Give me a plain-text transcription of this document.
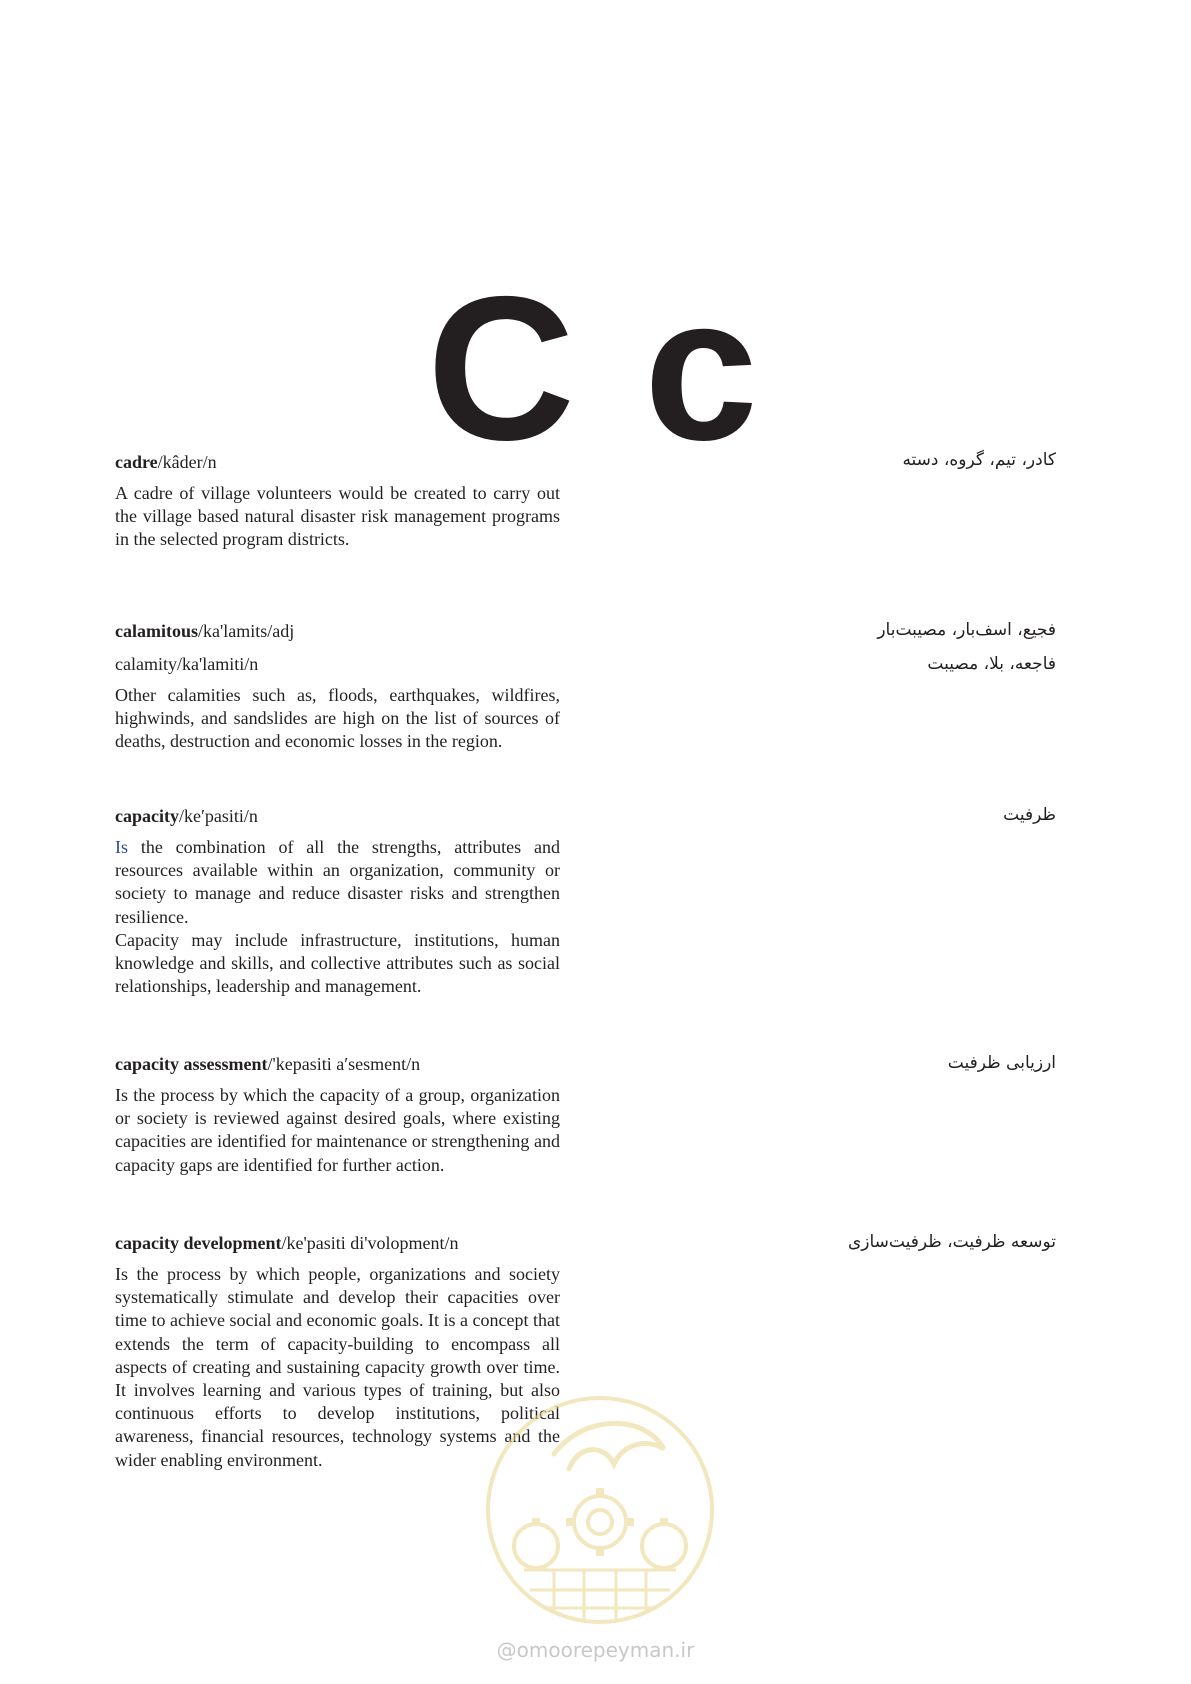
C c
cadre/kâder/n

A cadre of village volunteers would be created to carry out the village based natural disaster risk management programs in the selected program districts.

کادر، تیم، گروه، دسته
calamitous/ka'lamits/adj
calamity/ka'lamiti/n

Other calamities such as, floods, earthquakes, wildfires, highwinds, and sandslides are high on the list of sources of deaths, destruction and economic losses in the region.

فجیع، اسف‌بار، مصیبت‌بار
فاجعه، بلا، مصیبت
capacity/ke′pasiti/n

Is the combination of all the strengths, attributes and resources available within an organization, community or society to manage and reduce disaster risks and strengthen resilience.

Capacity may include infrastructure, institutions, human knowledge and skills, and collective attributes such as social relationships, leadership and management.

ظرفیت
capacity assessment/'kepasiti a′sesment/n

Is the process by which the capacity of a group, organization or society is reviewed against desired goals, where existing capacities are identified for maintenance or strengthening and capacity gaps are identified for further action.

ارزیابی ظرفیت
capacity development/ke'pasiti di'volopment/n

Is the process by which people, organizations and society systematically stimulate and develop their capacities over time to achieve social and economic goals. It is a concept that extends the term of capacity-building to encompass all aspects of creating and sustaining capacity growth over time. It involves learning and various types of training, but also continuous efforts to develop institutions, political awareness, financial resources, technology systems and the wider enabling environment.

توسعه ظرفیت، ظرفیت‌سازی
@omoorepeyman.ir
